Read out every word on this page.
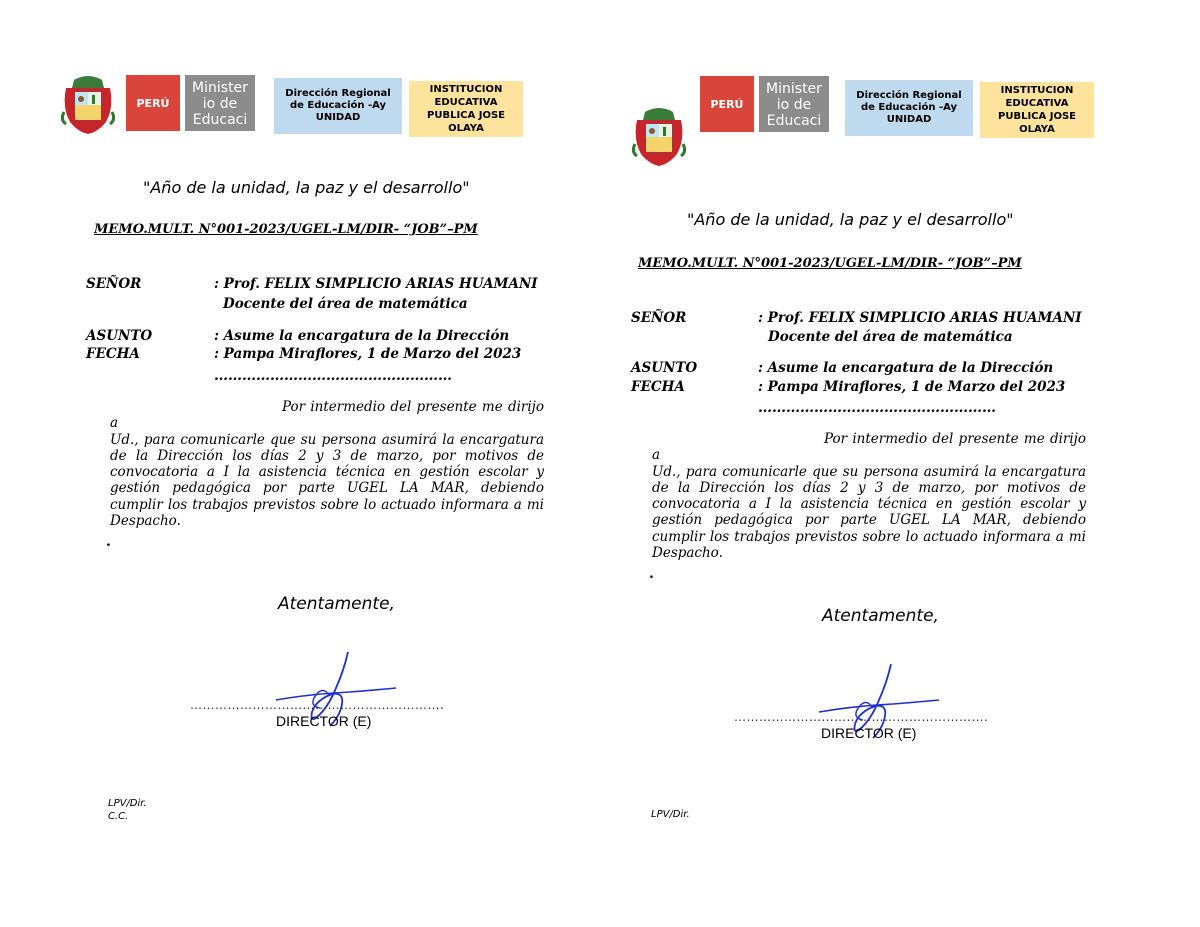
PERÚ
Minister io de Educaci
Dirección Regional de Educación -Ay UNIDAD
INSTITUCION EDUCATIVA PUBLICA JOSE OLAYA
"Año de la unidad, la paz y el desarrollo"
MEMO.MULT. N°001-2023/UGEL-LM/DIR- “JOB”–PM
SEÑOR	: Prof. FELIX SIMPLICIO ARIAS HUAMANI
Docente del área de matemática
ASUNTO	: Asume la encargatura de la Dirección
FECHA	: Pampa Miraflores, 1 de Marzo del 2023
……………………………………………
Por intermedio del presente me dirijo a
Ud., para comunicarle que su persona asumirá la encargatura de la Dirección los días 2 y 3 de marzo, por motivos de convocatoria a I la asistencia técnica en gestión escolar y gestión pedagógica por parte UGEL LA MAR, debiendo cumplir los trabajos previstos sobre lo actuado informara a mi Despacho.
.
Atentamente,
…………………………………………………….
DIRECTOR (E)
LPV/Dir.
C.C.
PERÚ
Minister io de Educaci
Dirección Regional de Educación -Ay UNIDAD
INSTITUCION EDUCATIVA PUBLICA JOSE OLAYA
"Año de la unidad, la paz y el desarrollo"
MEMO.MULT. N°001-2023/UGEL-LM/DIR- “JOB”–PM
SEÑOR	: Prof. FELIX SIMPLICIO ARIAS HUAMANI
Docente del área de matemática
ASUNTO	: Asume la encargatura de la Dirección
FECHA	: Pampa Miraflores, 1 de Marzo del 2023
……………………………………………
Por intermedio del presente me dirijo a
Ud., para comunicarle que su persona asumirá la encargatura de la Dirección los días 2 y 3 de marzo, por motivos de convocatoria a I la asistencia técnica en gestión escolar y gestión pedagógica por parte UGEL LA MAR, debiendo cumplir los trabajos previstos sobre lo actuado informara a mi Despacho.
.
Atentamente,
…………………………………………………….
DIRECTOR (E)
LPV/Dir.
